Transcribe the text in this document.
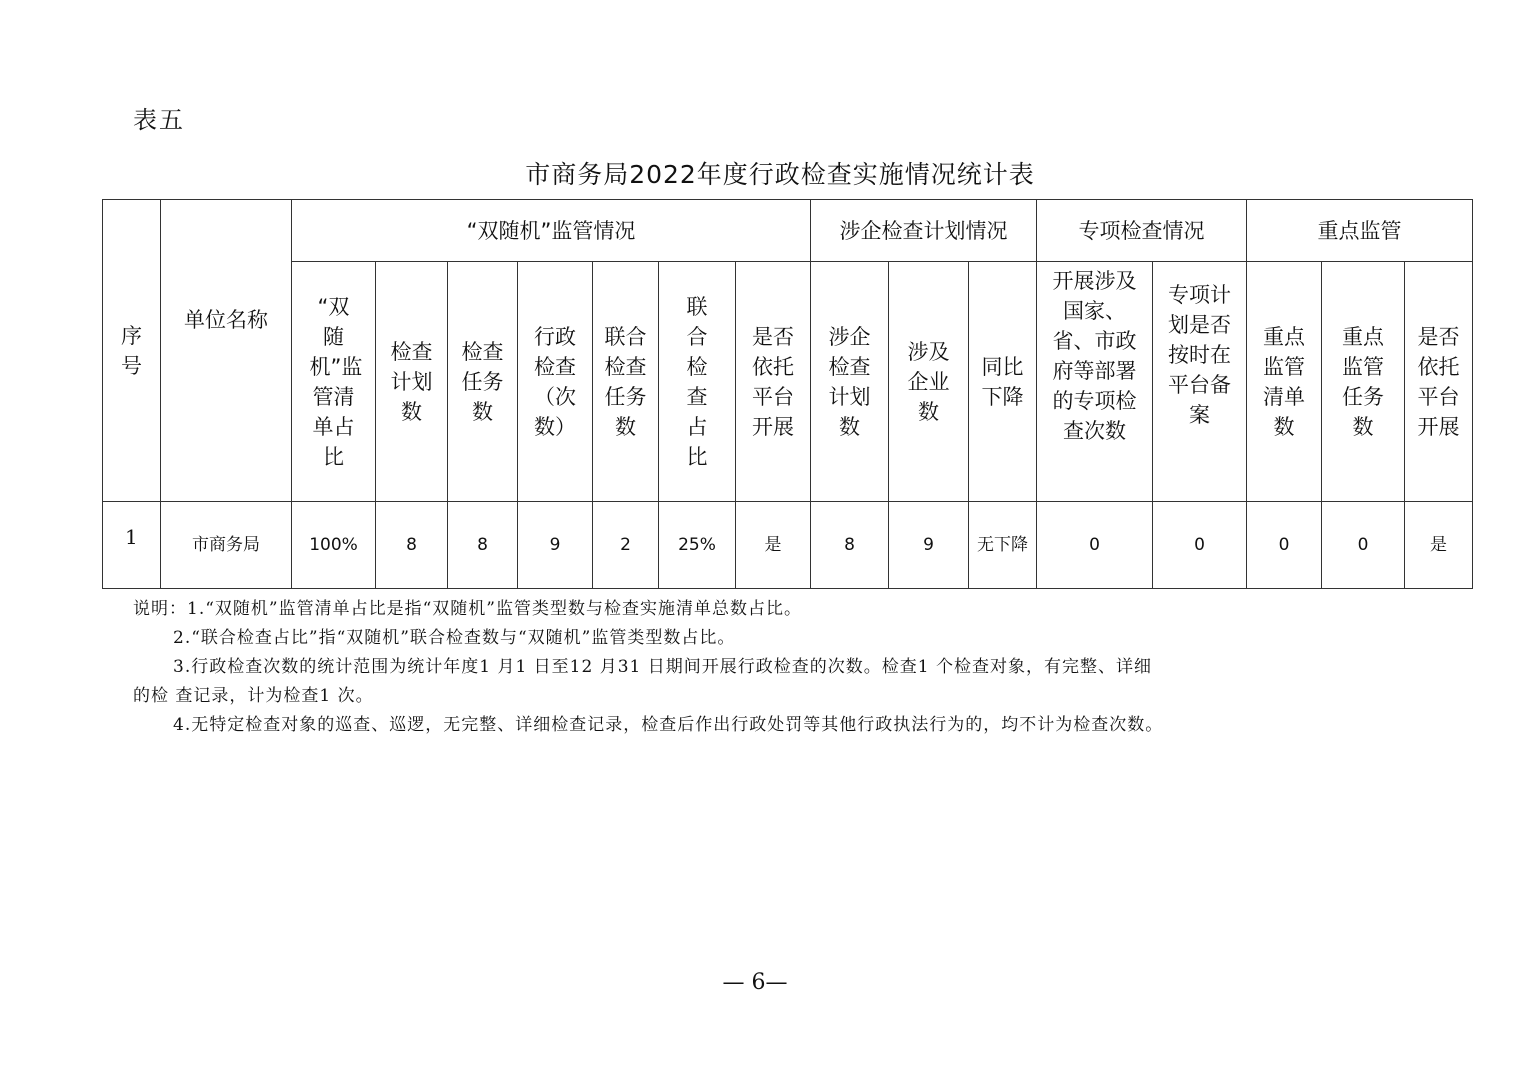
表五
市商务局2022年度行政检查实施情况统计表
序号	单位名称	“双随机”监管情况							涉企检查计划情况			专项检查情况		重点监管		
		“双随机”监管清单占比	检查计划数	检查任务数	行政检查（次数）	联合检查任务数	联合检查占比	是否依托平台开展	涉企检查计划数	涉及企业数	同比下降	开展涉及国家、省、市政府等部署的专项检查次数	专项计划是否按时在平台备案	重点监管清单数	重点监管任务数	是否依托平台开展
1	市商务局	100%	8	8	9	2	25%	是	8	9	无下降	0	0	0	0	是
说明：1.“双随机”监管清单占比是指“双随机”监管类型数与检查实施清单总数占比。
2.“联合检查占比”指“双随机”联合检查数与“双随机”监管类型数占比。
3.行政检查次数的统计范围为统计年度1 月1 日至12 月31 日期间开展行政检查的次数。检查1 个检查对象，有完整、详细
的检 查记录，计为检查1 次。
4.无特定检查对象的巡查、巡逻，无完整、详细检查记录，检查后作出行政处罚等其他行政执法行为的，均不计为检查次数。
— 6—
